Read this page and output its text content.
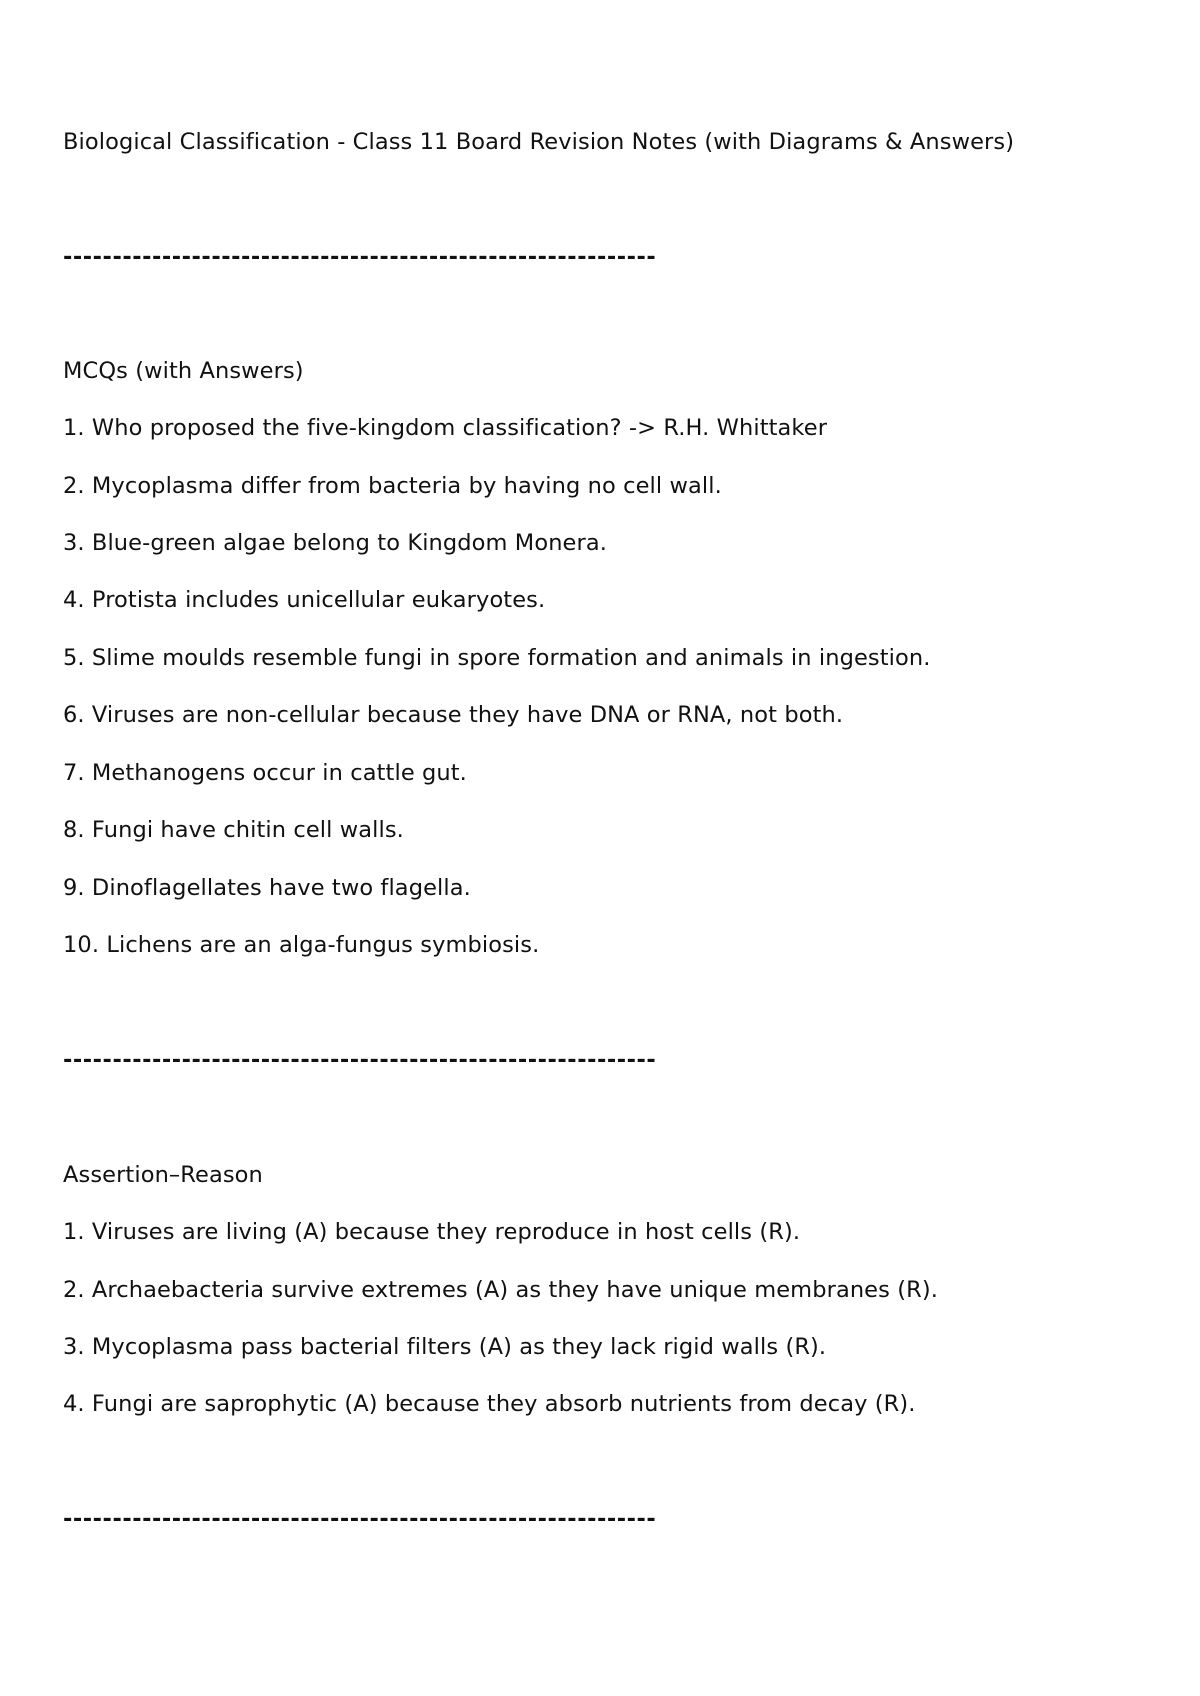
Biological Classification - Class 11 Board Revision Notes (with Diagrams & Answers)
------------------------------------------------------------
MCQs (with Answers)
1. Who proposed the five-kingdom classification? -> R.H. Whittaker
2. Mycoplasma differ from bacteria by having no cell wall.
3. Blue-green algae belong to Kingdom Monera.
4. Protista includes unicellular eukaryotes.
5. Slime moulds resemble fungi in spore formation and animals in ingestion.
6. Viruses are non-cellular because they have DNA or RNA, not both.
7. Methanogens occur in cattle gut.
8. Fungi have chitin cell walls.
9. Dinoflagellates have two flagella.
10. Lichens are an alga-fungus symbiosis.
------------------------------------------------------------
Assertion–Reason
1. Viruses are living (A) because they reproduce in host cells (R).
2. Archaebacteria survive extremes (A) as they have unique membranes (R).
3. Mycoplasma pass bacterial filters (A) as they lack rigid walls (R).
4. Fungi are saprophytic (A) because they absorb nutrients from decay (R).
------------------------------------------------------------
